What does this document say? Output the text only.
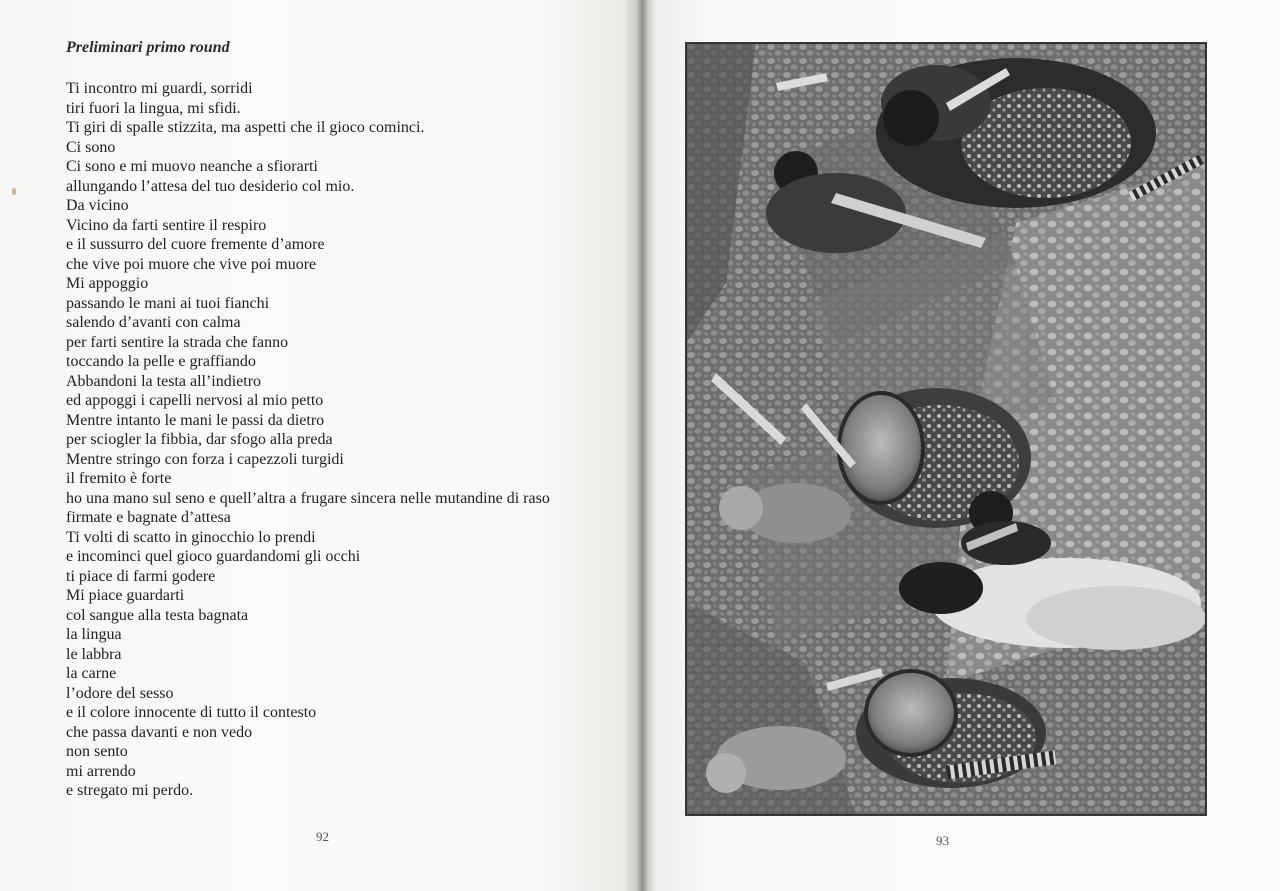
Preliminari primo round
Ti incontro mi guardi, sorridi
tiri fuori la lingua, mi sfidi.
Ti giri di spalle stizzita, ma aspetti che il gioco cominci.
Ci sono
Ci sono e mi muovo neanche a sfiorarti
allungando l’attesa del tuo desiderio col mio.
Da vicino
Vicino da farti sentire il respiro
e il sussurro del cuore fremente d’amore
che vive poi muore che vive poi muore
Mi appoggio
passando le mani ai tuoi fianchi
salendo d’avanti con calma
per farti sentire la strada che fanno
toccando la pelle e graffiando
Abbandoni la testa all’indietro
ed appoggi i capelli nervosi al mio petto
Mentre intanto le mani le passi da dietro
per sciogler la fibbia, dar sfogo alla preda
Mentre stringo con forza i capezzoli turgidi
il fremito è forte
ho una mano sul seno e quell’altra a frugare sincera nelle mutandine di raso
firmate e bagnate d’attesa
Ti volti di scatto in ginocchio lo prendi
e incominci quel gioco guardandomi gli occhi
ti piace di farmi godere
Mi piace guardarti
col sangue alla testa bagnata
la lingua
le labbra
la carne
l’odore del sesso
e il colore innocente di tutto il contesto
che passa davanti e non vedo
non sento
mi arrendo
e stregato mi perdo.
92	93
